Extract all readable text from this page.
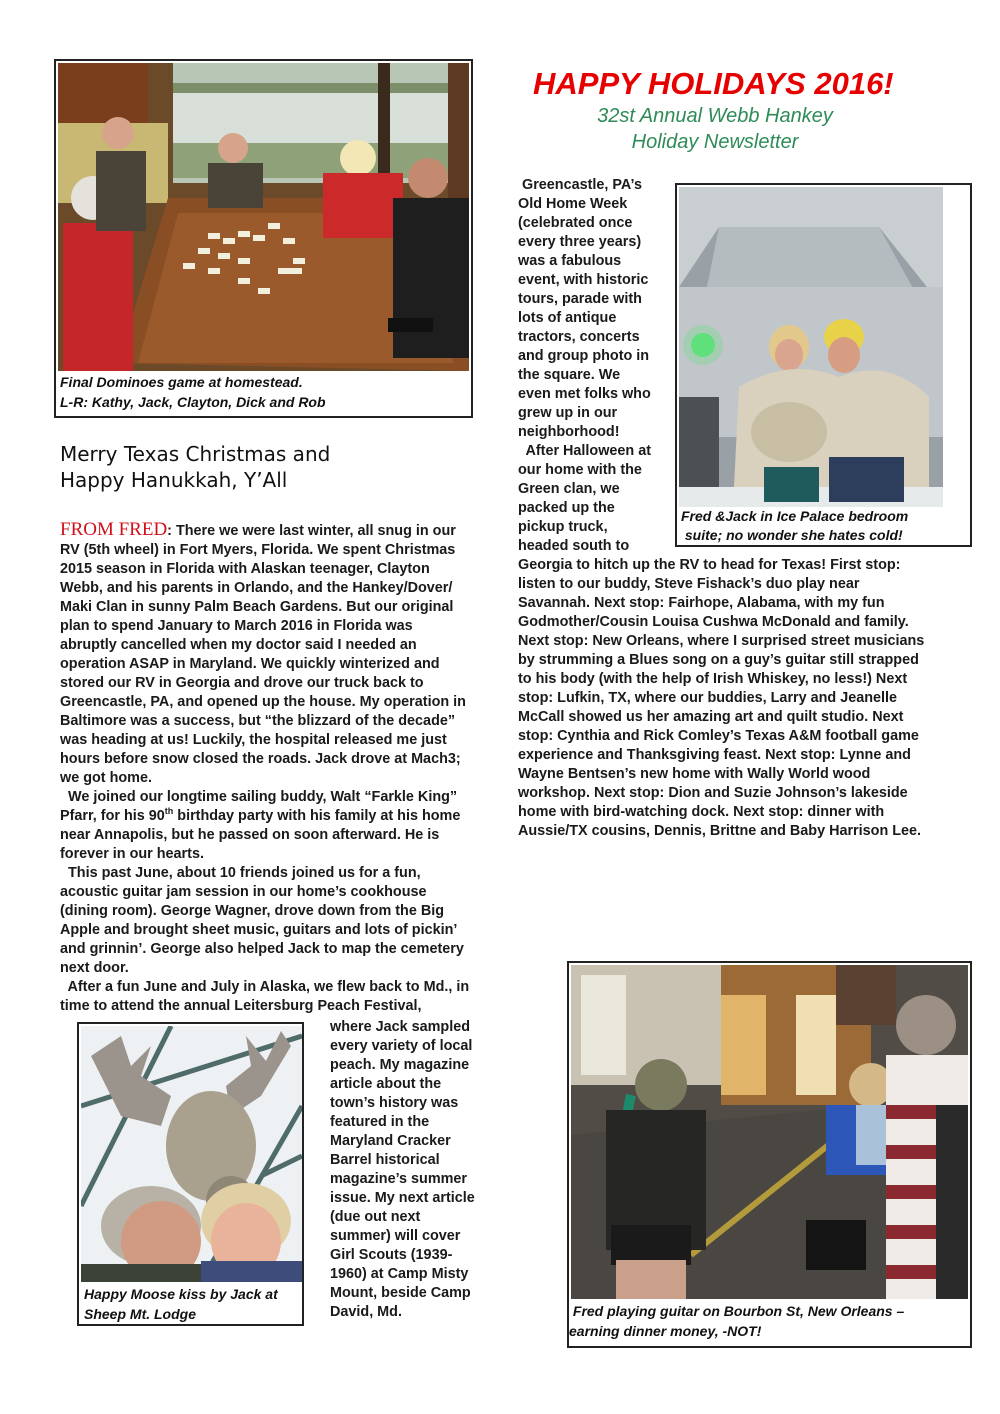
HAPPY HOLIDAYS 2016!
32st Annual Webb Hankey
Holiday Newsletter
Final Dominoes game at homestead.
L-R: Kathy, Jack, Clayton, Dick and Rob
Merry Texas Christmas and
Happy Hanukkah, Y’All
FROM FRED: There we were last winter, all snug in our
RV (5th wheel) in Fort Myers, Florida. We spent Christmas
2015 season in Florida with Alaskan teenager, Clayton
Webb, and his parents in Orlando, and the Hankey/Dover/
Maki Clan in sunny Palm Beach Gardens. But our original
plan to spend January to March 2016 in Florida was
abruptly cancelled when my doctor said I needed an
operation ASAP in Maryland. We quickly winterized and
stored our RV in Georgia and drove our truck back to
Greencastle, PA, and opened up the house. My operation in
Baltimore was a success, but “the blizzard of the decade”
was heading at us! Luckily, the hospital released me just
hours before snow closed the roads. Jack drove at Mach3;
we got home.
We joined our longtime sailing buddy, Walt “Farkle King”
Pfarr, for his 90th birthday party with his family at his home
near Annapolis, but he passed on soon afterward. He is
forever in our hearts.
This past June, about 10 friends joined us for a fun,
acoustic guitar jam session in our home’s cookhouse
(dining room). George Wagner, drove down from the Big
Apple and brought sheet music, guitars and lots of pickin’
and grinnin’. George also helped Jack to map the cemetery
next door.
After a fun June and July in Alaska, we flew back to Md., in
time to attend the annual Leitersburg Peach Festival,
where Jack sampled
every variety of local
peach. My magazine
article about the
town’s history was
featured in the
Maryland Cracker
Barrel historical
magazine’s summer
issue. My next article
(due out next
summer) will cover
Girl Scouts (1939-
1960) at Camp Misty
Mount, beside Camp
David, Md.
Happy Moose kiss by Jack at
Sheep Mt. Lodge
Greencastle, PA’s
Old Home Week
(celebrated once
every three years)
was a fabulous
event, with historic
tours, parade with
lots of antique
tractors, concerts
and group photo in
the square. We
even met folks who
grew up in our
neighborhood!
After Halloween at
our home with the
Green clan, we
packed up the
pickup truck,
headed south to
Fred &Jack in Ice Palace bedroom
suite; no wonder she hates cold!
Georgia to hitch up the RV to head for Texas! First stop:
listen to our buddy, Steve Fishack’s duo play near
Savannah. Next stop: Fairhope, Alabama, with my fun
Godmother/Cousin Louisa Cushwa McDonald and family.
Next stop: New Orleans, where I surprised street musicians
by strumming a Blues song on a guy’s guitar still strapped
to his body (with the help of Irish Whiskey, no less!) Next
stop: Lufkin, TX, where our buddies, Larry and Jeanelle
McCall showed us her amazing art and quilt studio. Next
stop: Cynthia and Rick Comley’s Texas A&M football game
experience and Thanksgiving feast. Next stop: Lynne and
Wayne Bentsen’s new home with Wally World wood
workshop. Next stop: Dion and Suzie Johnson’s lakeside
home with bird-watching dock. Next stop: dinner with
Aussie/TX cousins, Dennis, Brittne and Baby Harrison Lee.
Fred playing guitar on Bourbon St, New Orleans –
earning dinner money, -NOT!
